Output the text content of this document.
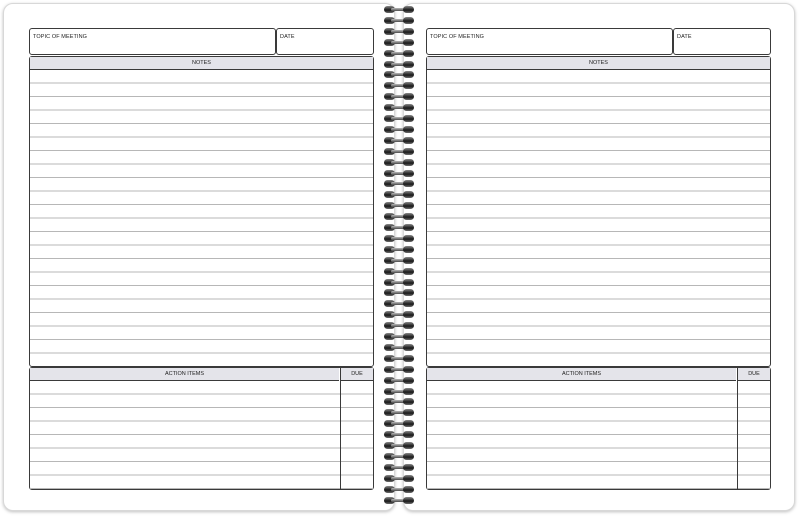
TOPIC OF MEETING	DATE
NOTES
ACTION ITEMS	DUE
TOPIC OF MEETING	DATE
NOTES
ACTION ITEMS	DUE
